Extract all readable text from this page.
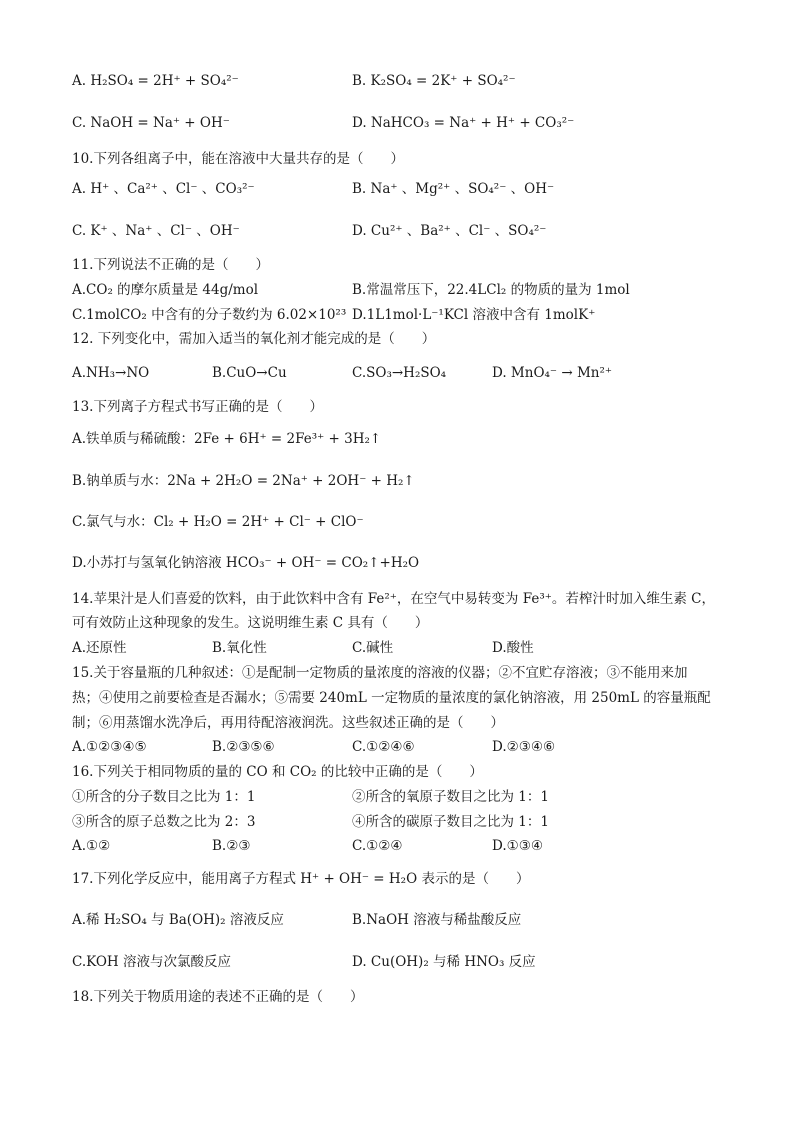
A. H₂SO₄ = 2H⁺ + SO₄²⁻	B. K₂SO₄ = 2K⁺ + SO₄²⁻
C. NaOH = Na⁺ + OH⁻	D. NaHCO₃ = Na⁺ + H⁺ + CO₃²⁻
10.下列各组离子中，能在溶液中大量共存的是（　　）
A. H⁺ 、Ca²⁺ 、Cl⁻ 、CO₃²⁻	B. Na⁺ 、Mg²⁺ 、SO₄²⁻ 、OH⁻
C. K⁺ 、Na⁺ 、Cl⁻ 、OH⁻	D. Cu²⁺ 、Ba²⁺ 、Cl⁻ 、SO₄²⁻
11.下列说法不正确的是（　　）
A.CO₂ 的摩尔质量是 44g/mol	B.常温常压下，22.4LCl₂ 的物质的量为 1mol
C.1molCO₂ 中含有的分子数约为 6.02×10²³ D.1L1mol·L⁻¹KCl 溶液中含有 1molK⁺
12. 下列变化中，需加入适当的氧化剂才能完成的是（　　）
A.NH₃→NO	B.CuO→Cu	C.SO₃→H₂SO₄	D. MnO₄⁻ → Mn²⁺
13.下列离子方程式书写正确的是（　　）
A.铁单质与稀硫酸：2Fe + 6H⁺ = 2Fe³⁺ + 3H₂↑
B.钠单质与水：2Na + 2H₂O = 2Na⁺ + 2OH⁻ + H₂↑
C.氯气与水：Cl₂ + H₂O = 2H⁺ + Cl⁻ + ClO⁻
D.小苏打与氢氧化钠溶液 HCO₃⁻ + OH⁻ = CO₂↑+H₂O
14.苹果汁是人们喜爱的饮料，由于此饮料中含有 Fe²⁺，在空气中易转变为 Fe³⁺。若榨汁时加入维生素 C，
可有效防止这种现象的发生。这说明维生素 C 具有（　　）
A.还原性	B.氧化性	C.碱性	D.酸性
15.关于容量瓶的几种叙述：①是配制一定物质的量浓度的溶液的仪器；②不宜贮存溶液；③不能用来加
热；④使用之前要检查是否漏水；⑤需要 240mL 一定物质的量浓度的氯化钠溶液，用 250mL 的容量瓶配
制；⑥用蒸馏水洗净后，再用待配溶液润洗。这些叙述正确的是（　　）
A.①②③④⑤	B.②③⑤⑥	C.①②④⑥	D.②③④⑥
16.下列关于相同物质的量的 CO 和 CO₂ 的比较中正确的是（　　）
①所含的分子数目之比为 1：1	②所含的氧原子数目之比为 1：1
③所含的原子总数之比为 2：3	④所含的碳原子数目之比为 1：1
A.①②	B.②③	C.①②④	D.①③④
17.下列化学反应中，能用离子方程式 H⁺ + OH⁻ = H₂O 表示的是（　　）
A.稀 H₂SO₄ 与 Ba(OH)₂ 溶液反应	B.NaOH 溶液与稀盐酸反应
C.KOH 溶液与次氯酸反应	D. Cu(OH)₂ 与稀 HNO₃ 反应
18.下列关于物质用途的表述不正确的是（　　）
